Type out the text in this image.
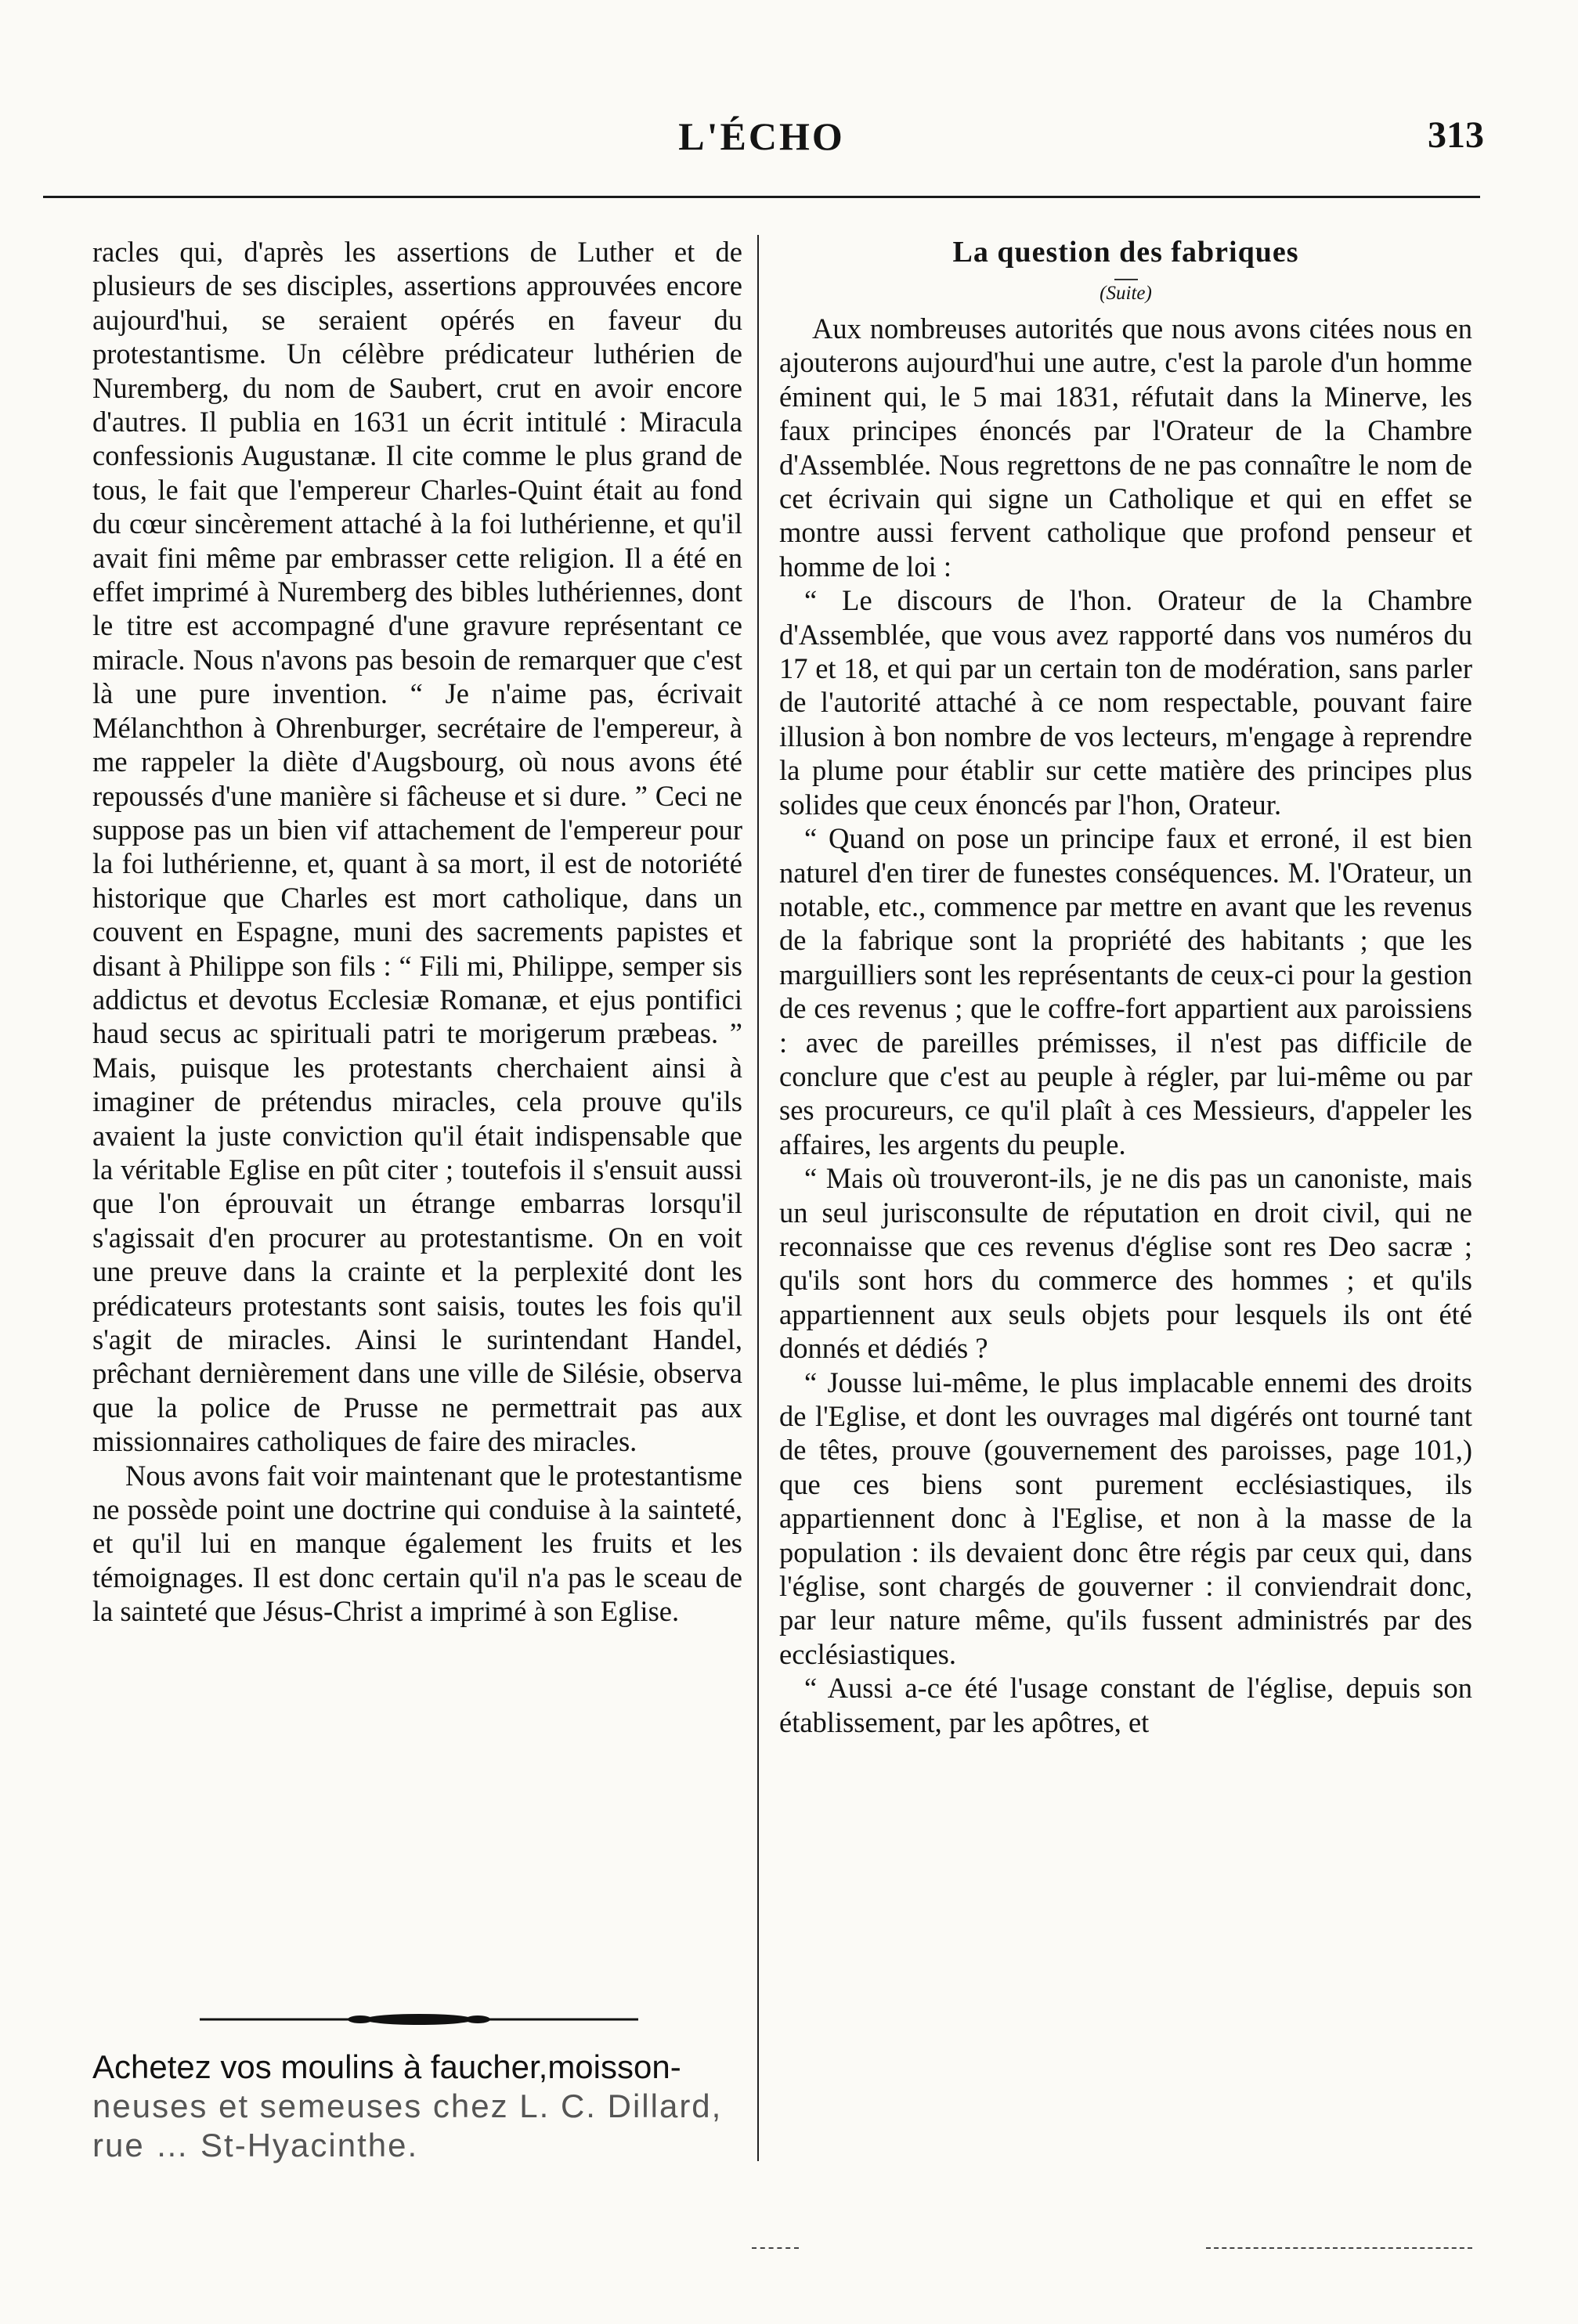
L'ÉCHO	313

racles qui, d'après les assertions de Luther et de plusieurs de ses disciples, assertions approuvées encore aujourd'hui, se seraient opérés en faveur du protestantisme. Un célèbre prédicateur luthérien de Nuremberg, du nom de Saubert, crut en avoir encore d'autres. Il publia en 1631 un écrit intitulé : Miracula confessionis Augustanæ. Il cite comme le plus grand de tous, le fait que l'empereur Charles-Quint était au fond du cœur sincèrement attaché à la foi luthérienne, et qu'il avait fini même par embrasser cette religion. Il a été en effet imprimé à Nuremberg des bibles luthériennes, dont le titre est accompagné d'une gravure représentant ce miracle. Nous n'avons pas besoin de remarquer que c'est là une pure invention. “ Je n'aime pas, écrivait Mélanchthon à Ohrenburger, secrétaire de l'empereur, à me rappeler la diète d'Augsbourg, où nous avons été repoussés d'une manière si fâcheuse et si dure. ” Ceci ne suppose pas un bien vif attachement de l'empereur pour la foi luthérienne, et, quant à sa mort, il est de notoriété historique que Charles est mort catholique, dans un couvent en Espagne, muni des sacrements papistes et disant à Philippe son fils : “ Fili mi, Philippe, semper sis addictus et devotus Ecclesiæ Romanæ, et ejus pontifici haud secus ac spirituali patri te morigerum præbeas. ” Mais, puisque les protestants cherchaient ainsi à imaginer de prétendus miracles, cela prouve qu'ils avaient la juste conviction qu'il était indispensable que la véritable Eglise en pût citer ; toutefois il s'ensuit aussi que l'on éprouvait un étrange embarras lorsqu'il s'agissait d'en procurer au protestantisme. On en voit une preuve dans la crainte et la perplexité dont les prédicateurs protestants sont saisis, toutes les fois qu'il s'agit de miracles. Ainsi le surintendant Handel, prêchant dernièrement dans une ville de Silésie, observa que la police de Prusse ne permettrait pas aux missionnaires catholiques de faire des miracles.

Nous avons fait voir maintenant que le protestantisme ne possède point une doctrine qui conduise à la sainteté, et qu'il lui en manque également les fruits et les témoignages. Il est donc certain qu'il n'a pas le sceau de la sainteté que Jésus-Christ a imprimé à son Eglise.

Achetez vos moulins à faucher,moisson-
neuses et semeuses chez L. C. Dillard,
rue … St-Hyacinthe.
La question des fabriques
(Suite)

Aux nombreuses autorités que nous avons citées nous en ajouterons aujourd'hui une autre, c'est la parole d'un homme éminent qui, le 5 mai 1831, réfutait dans la Minerve, les faux principes énoncés par l'Orateur de la Chambre d'Assemblée. Nous regrettons de ne pas connaître le nom de cet écrivain qui signe un Catholique et qui en effet se montre aussi fervent catholique que profond penseur et homme de loi :

“ Le discours de l'hon. Orateur de la Chambre d'Assemblée, que vous avez rapporté dans vos numéros du 17 et 18, et qui par un certain ton de modération, sans parler de l'autorité attaché à ce nom respectable, pouvant faire illusion à bon nombre de vos lecteurs, m'engage à reprendre la plume pour établir sur cette matière des principes plus solides que ceux énoncés par l'hon, Orateur.

“ Quand on pose un principe faux et erroné, il est bien naturel d'en tirer de funestes conséquences. M. l'Orateur, un notable, etc., commence par mettre en avant que les revenus de la fabrique sont la propriété des habitants ; que les marguilliers sont les représentants de ceux-ci pour la gestion de ces revenus ; que le coffre-fort appartient aux paroissiens : avec de pareilles prémisses, il n'est pas difficile de conclure que c'est au peuple à régler, par lui-même ou par ses procureurs, ce qu'il plaît à ces Messieurs, d'appeler les affaires, les argents du peuple.

“ Mais où trouveront-ils, je ne dis pas un canoniste, mais un seul jurisconsulte de réputation en droit civil, qui ne reconnaisse que ces revenus d'église sont res Deo sacræ ; qu'ils sont hors du commerce des hommes ; et qu'ils appartiennent aux seuls objets pour lesquels ils ont été donnés et dédiés ?

“ Jousse lui-même, le plus implacable ennemi des droits de l'Eglise, et dont les ouvrages mal digérés ont tourné tant de têtes, prouve (gouvernement des paroisses, page 101,) que ces biens sont purement ecclésiastiques, ils appartiennent donc à l'Eglise, et non à la masse de la population : ils devaient donc être régis par ceux qui, dans l'église, sont chargés de gouverner : il conviendrait donc, par leur nature même, qu'ils fussent administrés par des ecclésiastiques.

“ Aussi a-ce été l'usage constant de l'église, depuis son établissement, par les apôtres, et
